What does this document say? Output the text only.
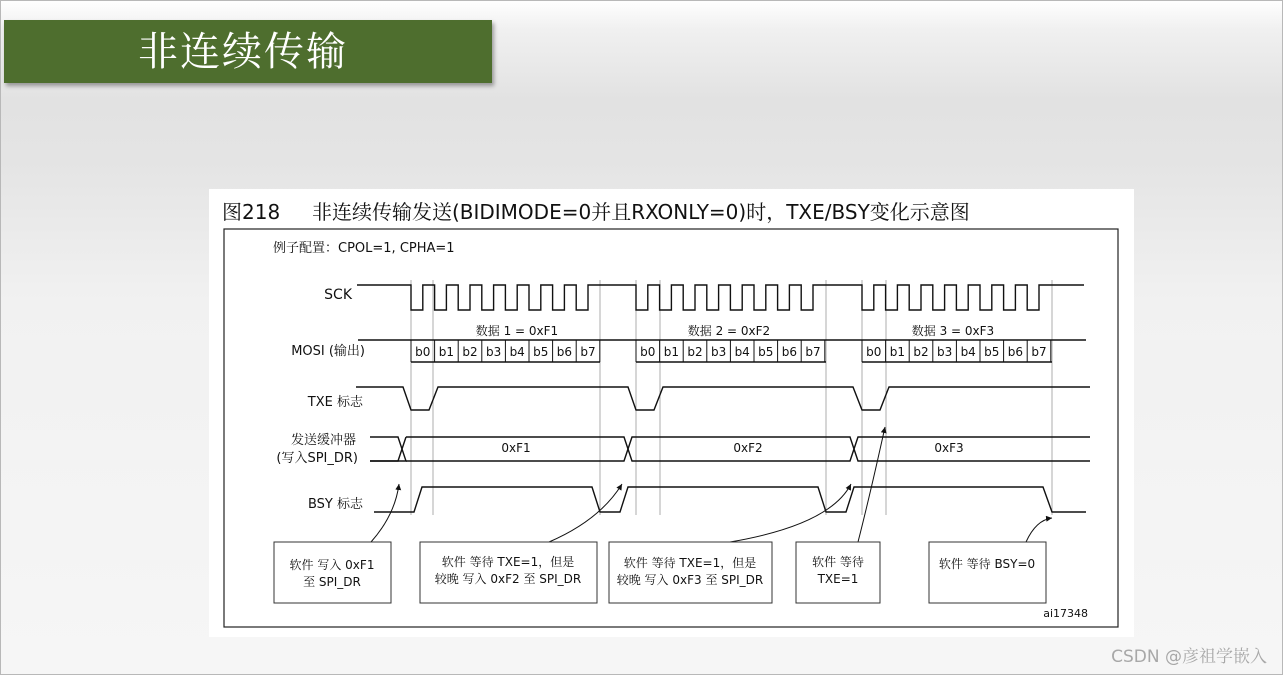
非连续传输
图218     非连续传输发送(BIDIMODE=0并且RXONLY=0)时，TXE/BSY变化示意图
例子配置：CPOL=1, CPHA=1
SCK
MOSI (输出)
TXE 标志
发送缓冲器
(写入SPI_DR)
BSY 标志
b0 b1 b2 b3 b4 b5 b6 b7	b0 b1 b2 b3 b4 b5 b6 b7	b0 b1 b2 b3 b4 b5 b6 b7
数据 1 = 0xF1	数据 2 = 0xF2	数据 3 = 0xF3
0xF1	0xF2	0xF3
软件 写入 0xF1
至 SPI_DR
软件 等待 TXE=1，但是
较晚 写入 0xF2 至 SPI_DR
软件 等待 TXE=1，但是
较晚 写入 0xF3 至 SPI_DR
软件 等待
TXE=1
软件 等待 BSY=0
ai17348
CSDN @彦祖学嵌入
